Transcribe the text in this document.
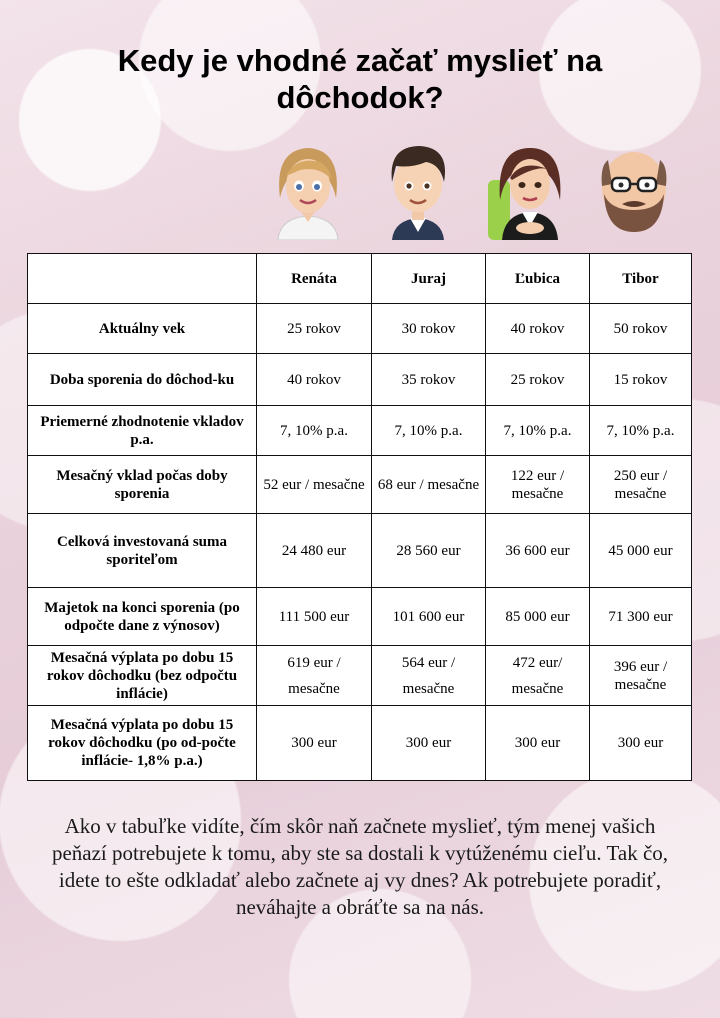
Kedy je vhodné začať myslieť na dôchodok?
	Renáta	Juraj	Ľubica	Tibor
Aktuálny vek	25 rokov	30 rokov	40 rokov	50 rokov
Doba sporenia do dôchod-ku	40 rokov	35 rokov	25 rokov	15 rokov
Priemerné zhodnotenie vkladov p.a.	7, 10% p.a.	7, 10% p.a.	7, 10% p.a.	7, 10% p.a.
Mesačný vklad počas doby sporenia	52 eur / mesačne	68 eur / mesačne	122 eur / mesačne	250 eur / mesačne
Celková investovaná suma sporiteľom	24 480 eur	28 560 eur	36 600 eur	45 000 eur
Majetok na konci sporenia (po odpočte dane z výnosov)	111 500 eur	101 600 eur	85 000 eur	71 300 eur
Mesačná výplata po dobu 15 rokov dôchodku (bez odpočtu inflácie)	619 eur / mesačne	564 eur / mesačne	472 eur/ mesačne	396 eur / mesačne
Mesačná výplata po dobu 15 rokov dôchodku (po od-počte inflácie- 1,8% p.a.)	300 eur	300 eur	300 eur	300 eur

Ako v tabuľke vidíte, čím skôr naň začnete myslieť, tým menej vašich peňazí potrebujete k tomu, aby ste sa dostali k vytúženému cieľu. Tak čo, idete to ešte odkladať alebo začnete aj vy dnes? Ak potrebujete poradiť, neváhajte a obráťte sa na nás.
